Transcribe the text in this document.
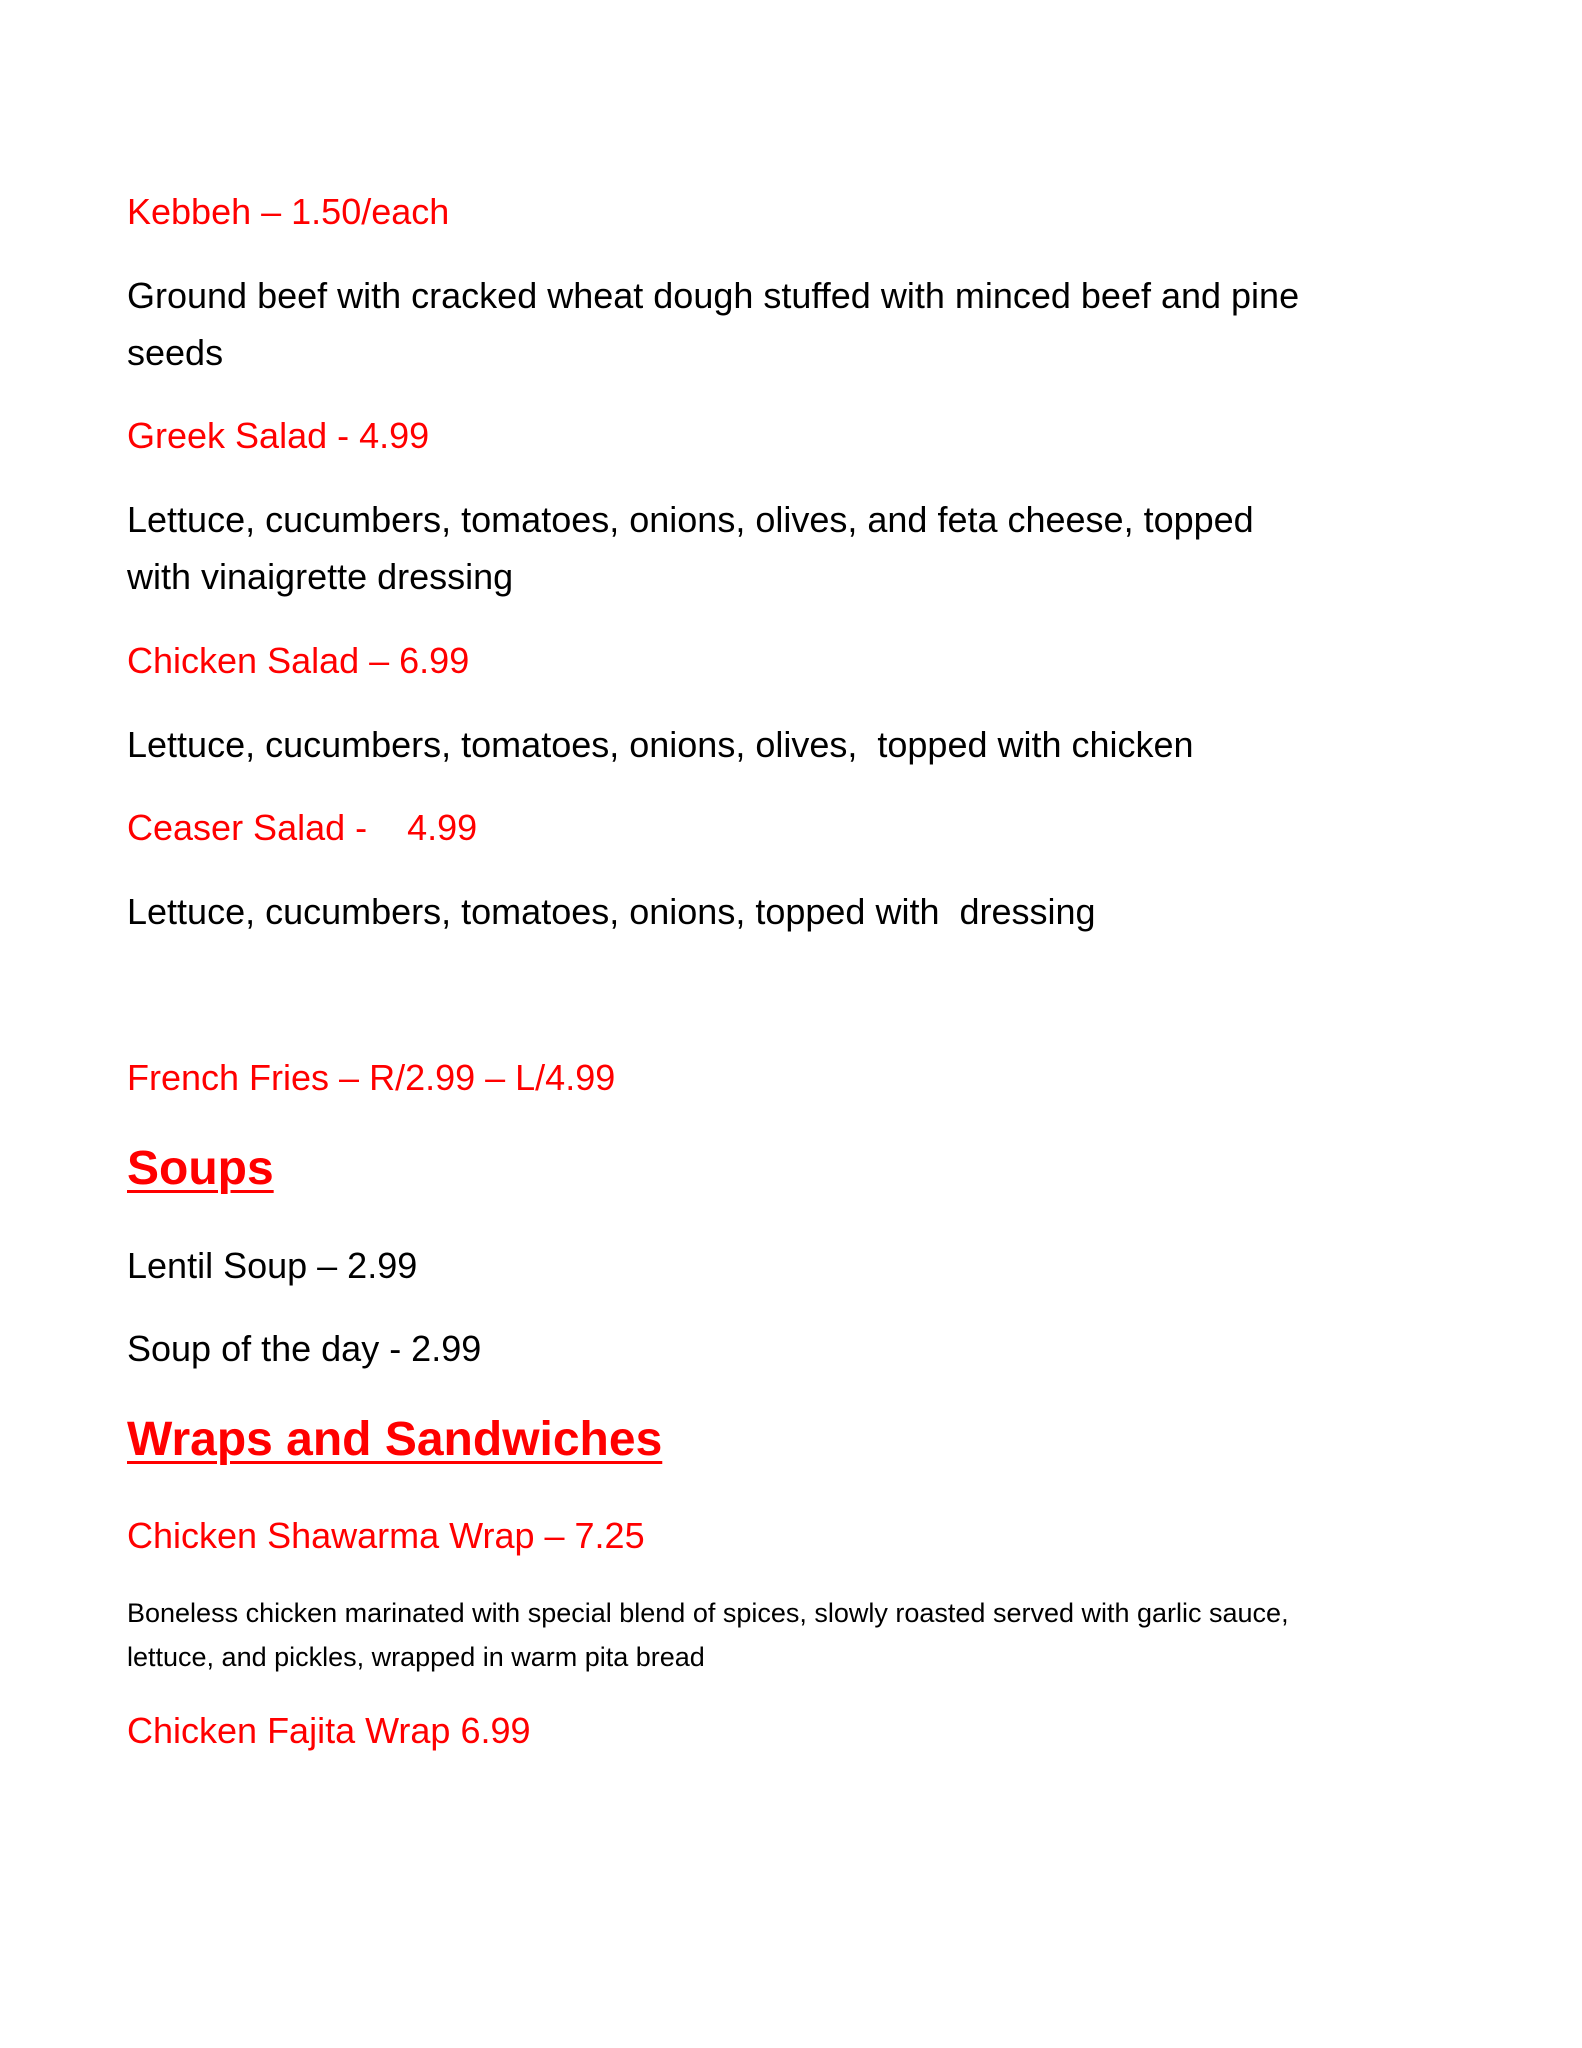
Kebbeh – 1.50/each

Ground beef with cracked wheat dough stuffed with minced beef and pine

seeds

Greek Salad - 4.99

Lettuce, cucumbers, tomatoes, onions, olives, and feta cheese, topped

with vinaigrette dressing

Chicken Salad – 6.99

Lettuce, cucumbers, tomatoes, onions, olives,  topped with chicken

Ceaser Salad -    4.99

Lettuce, cucumbers, tomatoes, onions, topped with  dressing

French Fries – R/2.99 – L/4.99

Soups

Lentil Soup – 2.99

Soup of the day - 2.99

Wraps and Sandwiches

Chicken Shawarma Wrap – 7.25

Boneless chicken marinated with special blend of spices, slowly roasted served with garlic sauce,

lettuce, and pickles, wrapped in warm pita bread

Chicken Fajita Wrap 6.99
